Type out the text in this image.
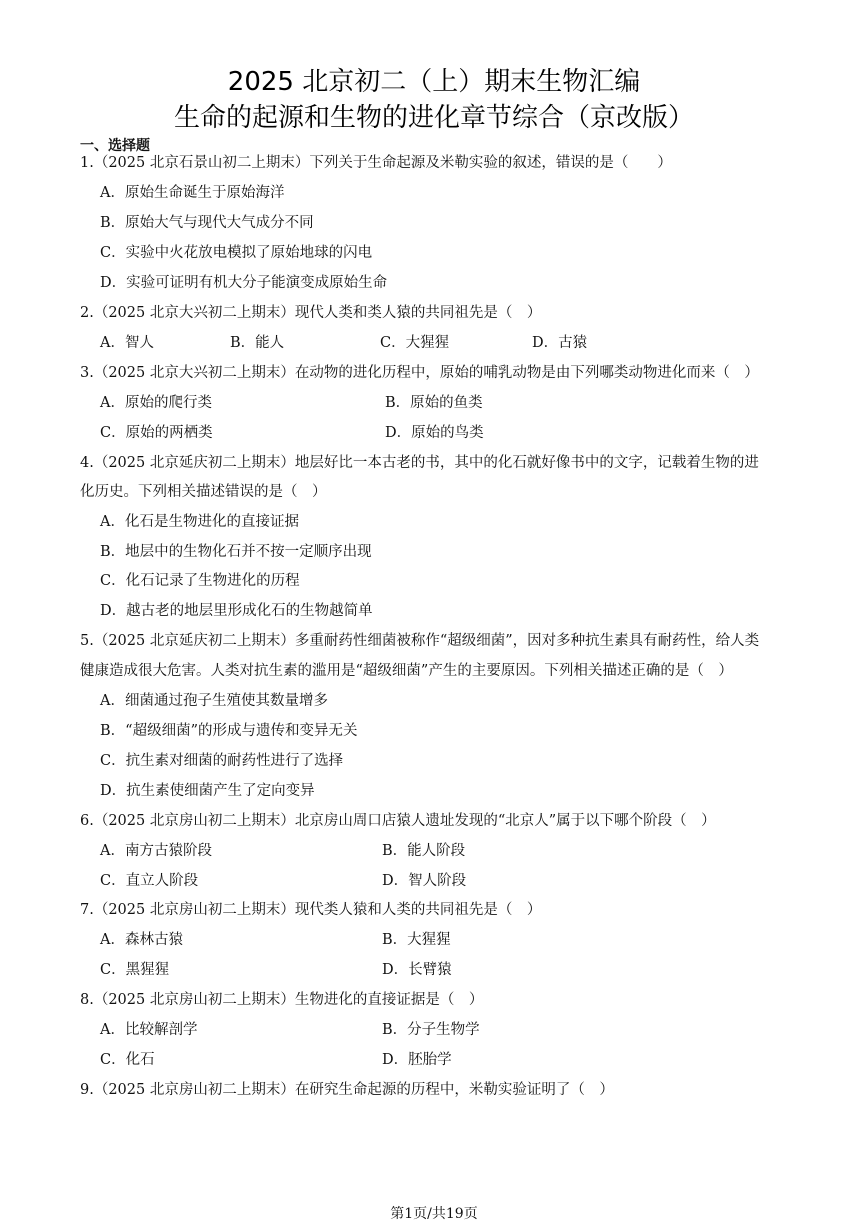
2025 北京初二（上）期末生物汇编
生命的起源和生物的进化章节综合（京改版）
一、选择题
1.（2025 北京石景山初二上期末）下列关于生命起源及米勒实验的叙述，错误的是（　　）
A．原始生命诞生于原始海洋
B．原始大气与现代大气成分不同
C．实验中火花放电模拟了原始地球的闪电
D．实验可证明有机大分子能演变成原始生命
2.（2025 北京大兴初二上期末）现代人类和类人猿的共同祖先是（　）
A．智人	B．能人	C．大猩猩	D．古猿
3.（2025 北京大兴初二上期末）在动物的进化历程中，原始的哺乳动物是由下列哪类动物进化而来（　）
A．原始的爬行类	B．原始的鱼类
C．原始的两栖类	D．原始的鸟类
4.（2025 北京延庆初二上期末）地层好比一本古老的书，其中的化石就好像书中的文字，记载着生物的进
化历史。下列相关描述错误的是（　）
A．化石是生物进化的直接证据
B．地层中的生物化石并不按一定顺序出现
C．化石记录了生物进化的历程
D．越古老的地层里形成化石的生物越简单
5.（2025 北京延庆初二上期末）多重耐药性细菌被称作“超级细菌”，因对多种抗生素具有耐药性，给人类
健康造成很大危害。人类对抗生素的滥用是“超级细菌”产生的主要原因。下列相关描述正确的是（　）
A．细菌通过孢子生殖使其数量增多
B．“超级细菌”的形成与遗传和变异无关
C．抗生素对细菌的耐药性进行了选择
D．抗生素使细菌产生了定向变异
6.（2025 北京房山初二上期末）北京房山周口店猿人遗址发现的“北京人”属于以下哪个阶段（　）
A．南方古猿阶段	B．能人阶段
C．直立人阶段	D．智人阶段
7.（2025 北京房山初二上期末）现代类人猿和人类的共同祖先是（　）
A．森林古猿	B．大猩猩
C．黑猩猩	D．长臂猿
8.（2025 北京房山初二上期末）生物进化的直接证据是（　）
A．比较解剖学	B．分子生物学
C．化石	D．胚胎学
9.（2025 北京房山初二上期末）在研究生命起源的历程中，米勒实验证明了（　）
第1页/共19页
